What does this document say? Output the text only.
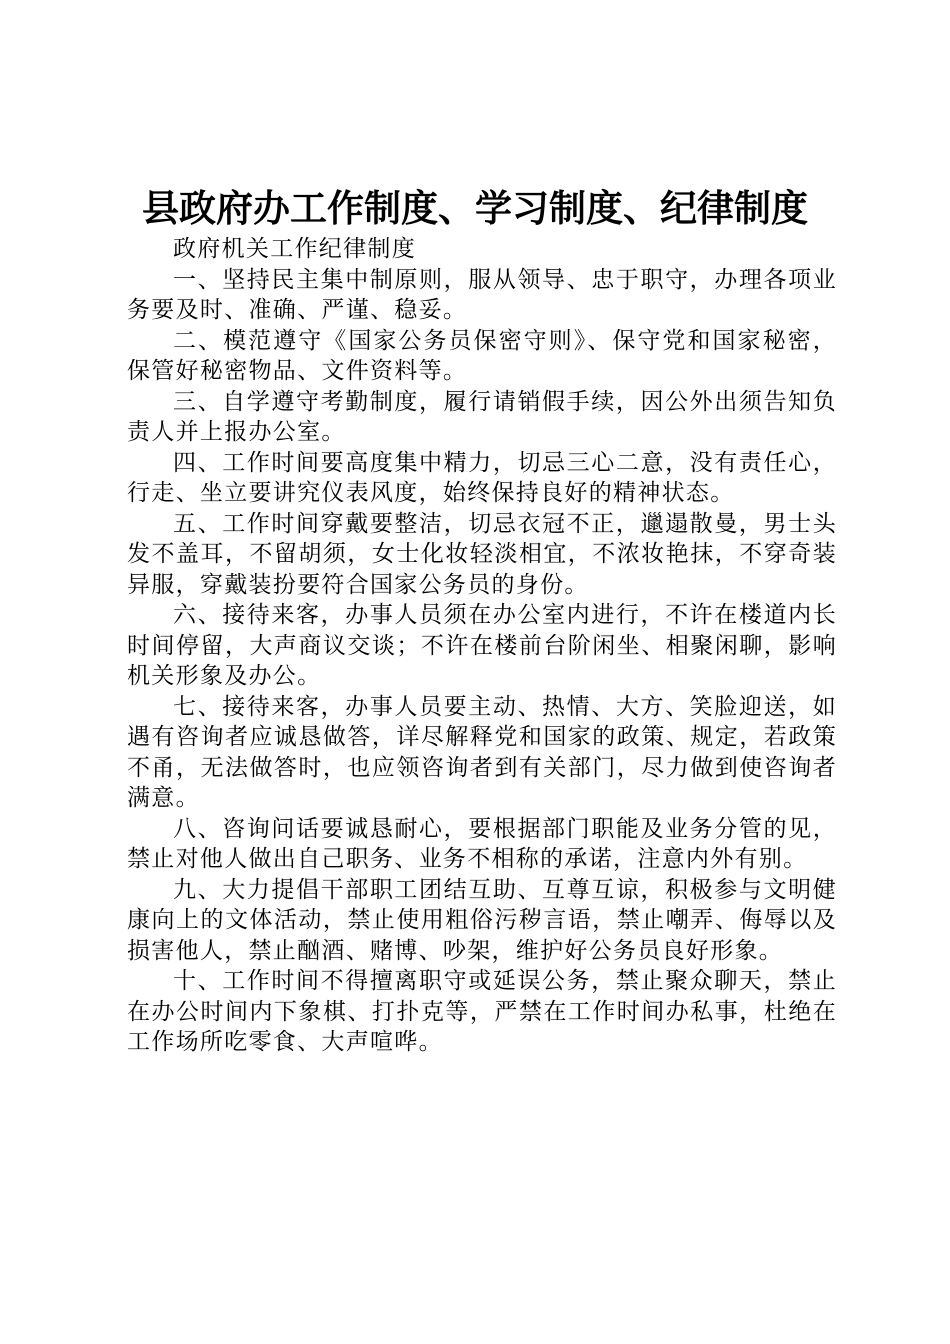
县政府办工作制度、学习制度、纪律制度

政府机关工作纪律制度

一、坚持民主集中制原则，服从领导、忠于职守，办理各项业务要及时、准确、严谨、稳妥。

二、模范遵守《国家公务员保密守则》、保守党和国家秘密，保管好秘密物品、文件资料等。

三、自学遵守考勤制度，履行请销假手续，因公外出须告知负责人并上报办公室。

四、工作时间要高度集中精力，切忌三心二意，没有责任心，行走、坐立要讲究仪表风度，始终保持良好的精神状态。

五、工作时间穿戴要整洁，切忌衣冠不正，邋遢散曼，男士头发不盖耳，不留胡须，女士化妆轻淡相宜，不浓妆艳抹，不穿奇装异服，穿戴装扮要符合国家公务员的身份。

六、接待来客，办事人员须在办公室内进行，不许在楼道内长时间停留，大声商议交谈；不许在楼前台阶闲坐、相聚闲聊，影响机关形象及办公。

七、接待来客，办事人员要主动、热情、大方、笑脸迎送，如遇有咨询者应诚恳做答，详尽解释党和国家的政策、规定，若政策不甬，无法做答时，也应领咨询者到有关部门，尽力做到使咨询者满意。

八、咨询问话要诚恳耐心，要根据部门职能及业务分管的见，禁止对他人做出自己职务、业务不相称的承诺，注意内外有别。

九、大力提倡干部职工团结互助、互尊互谅，积极参与文明健康向上的文体活动，禁止使用粗俗污秽言语，禁止嘲弄、侮辱以及损害他人，禁止酗酒、赌博、吵架，维护好公务员良好形象。

十、工作时间不得擅离职守或延误公务，禁止聚众聊天，禁止在办公时间内下象棋、打扑克等，严禁在工作时间办私事，杜绝在工作场所吃零食、大声喧哗。
